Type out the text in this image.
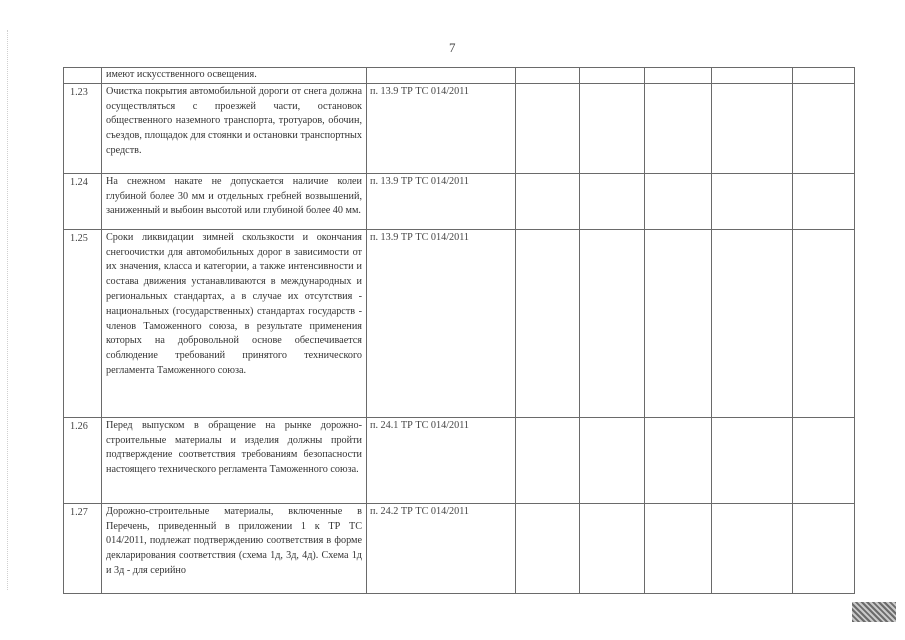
7
	имеют искусственного освещения.						
1.23	Очистка покрытия автомобильной дороги от снега должна осуществляться с проезжей части, остановок общественного наземного транспорта, тротуаров, обочин, съездов, площадок для стоянки и остановки транспортных средств.	п. 13.9 ТР ТС 014/2011					
1.24	На снежном накате не допускается наличие колеи глубиной более 30 мм и отдельных гребней возвышений, заниженный и выбоин высотой или глубиной более 40 мм.	п. 13.9 ТР ТС 014/2011					
1.25	Сроки ликвидации зимней скользкости и окончания снегоочистки для автомобильных дорог в зависимости от их значения, класса и категории, а также интенсивности и состава движения устанавливаются в международных и региональных стандартах, а в случае их отсутствия - национальных (государственных) стандартах государств - членов Таможенного союза, в результате применения которых на добровольной основе обеспечивается соблюдение требований принятого технического регламента Таможенного союза.	п. 13.9 ТР ТС 014/2011					
1.26	Перед выпуском в обращение на рынке дорожно-строительные материалы и изделия должны пройти подтверждение соответствия требованиям безопасности настоящего технического регламента Таможенного союза.	п. 24.1 ТР ТС 014/2011					
1.27	Дорожно-строительные материалы, включенные в Перечень, приведенный в приложении 1 к ТР ТС 014/2011, подлежат подтверждению соответствия в форме декларирования соответствия (схема 1д, 3д, 4д). Схема 1д и 3д - для серийно	п. 24.2 ТР ТС 014/2011					
